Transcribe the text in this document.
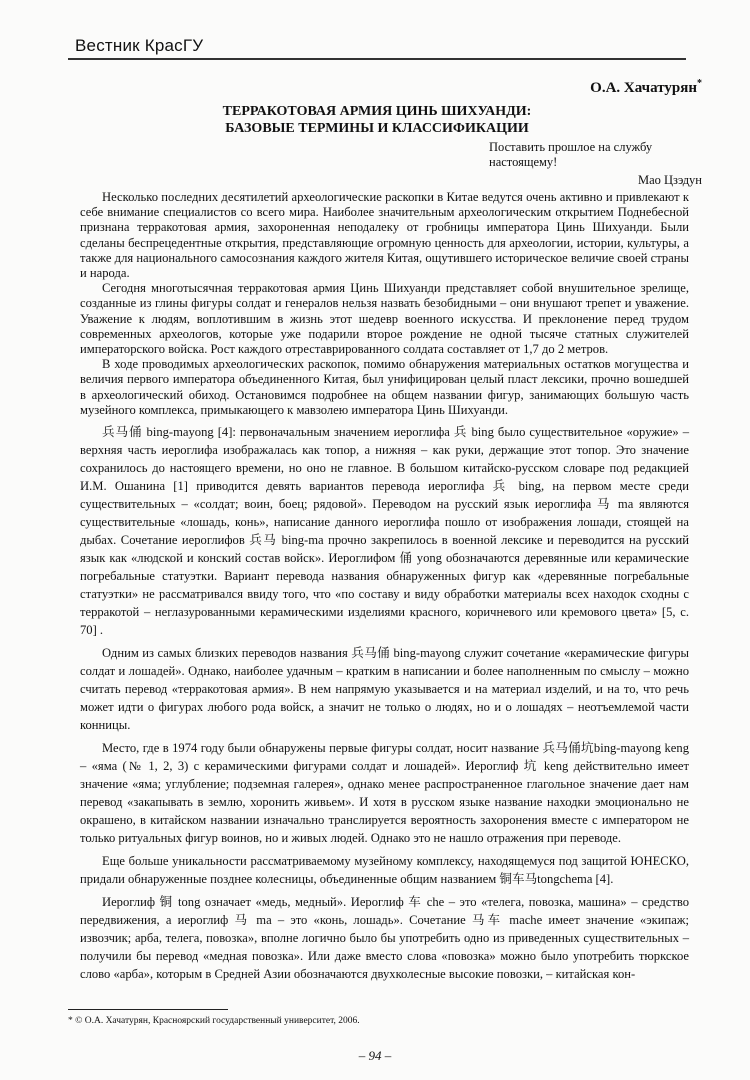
Вестник КрасГУ
О.А. Хачатурян*
ТЕРРАКОТОВАЯ АРМИЯ ЦИНЬ ШИХУАНДИ:
БАЗОВЫЕ ТЕРМИНЫ И КЛАССИФИКАЦИИ
Поставить прошлое на службу настоящему!
Мао Цзэдун

Несколько последних десятилетий археологические раскопки в Китае ведутся очень активно и привлекают к себе внимание специалистов со всего мира. Наиболее значительным археологическим открытием Поднебесной признана терракотовая армия, захороненная неподалеку от гробницы императора Цинь Шихуанди. Были сделаны беспрецедентные открытия, представляющие огромную ценность для археологии, истории, культуры, а также для национального самосознания каждого жителя Китая, ощутившего историческое величие своей страны и народа.

Сегодня многотысячная терракотовая армия Цинь Шихуанди представляет собой внушительное зрелище, созданные из глины фигуры солдат и генералов нельзя назвать безобидными – они внушают трепет и уважение. Уважение к людям, воплотившим в жизнь этот шедевр военного искусства. И преклонение перед трудом современных археологов, которые уже подарили второе рождение не одной тысяче статных служителей императорского войска. Рост каждого отреставрированного солдата составляет от 1,7 до 2 метров.

В ходе проводимых археологических раскопок, помимо обнаружения материальных остатков могущества и величия первого императора объединенного Китая, был унифицирован целый пласт лексики, прочно вошедшей в археологический обиход. Остановимся подробнее на общем названии фигур, занимающих большую часть музейного комплекса, примыкающего к мавзолею императора Цинь Шихуанди.

兵马俑 bing-mayong [4]: первоначальным значением иероглифа 兵 bing было существительное «оружие» – верхняя часть иероглифа изображалась как топор, а нижняя – как руки, держащие этот топор. Это значение сохранилось до настоящего времени, но оно не главное. В большом китайско-русском словаре под редакцией И.М. Ошанина [1] приводится девять вариантов перевода иероглифа 兵 bing, на первом месте среди существительных – «солдат; воин, боец; рядовой». Переводом на русский язык иероглифа 马 ma являются существительные «лошадь, конь», написание данного иероглифа пошло от изображения лошади, стоящей на дыбах. Сочетание иероглифов 兵马 bing-ma прочно закрепилось в военной лексике и переводится на русский язык как «людской и конский состав войск». Иероглифом 俑 yong обозначаются деревянные или керамические погребальные статуэтки. Вариант перевода названия обнаруженных фигур как «деревянные погребальные статуэтки» не рассматривался ввиду того, что «по составу и виду обработки материалы всех находок сходны с терракотой – неглазурованными керамическими изделиями красного, коричневого или кремового цвета» [5, с. 70] .

Одним из самых близких переводов названия 兵马俑 bing-mayong служит сочетание «керамические фигуры солдат и лошадей». Однако, наиболее удачным – кратким в написании и более наполненным по смыслу – можно считать перевод «терракотовая армия». В нем напрямую указывается и на материал изделий, и на то, что речь может идти о фигурах любого рода войск, а значит не только о людях, но и о лошадях – неотъемлемой части конницы.

Место, где в 1974 году были обнаружены первые фигуры солдат, носит название 兵马俑坑bing-mayong keng – «яма (№ 1, 2, 3) с керамическими фигурами солдат и лошадей». Иероглиф 坑 keng действительно имеет значение «яма; углубление; подземная галерея», однако менее распространенное глагольное значение дает нам перевод «закапывать в землю, хоронить живьем». И хотя в русском языке название находки эмоционально не окрашено, в китайском названии изначально транслируется вероятность захоронения вместе с императором не только ритуальных фигур воинов, но и живых людей. Однако это не нашло отражения при переводе.

Еще больше уникальности рассматриваемому музейному комплексу, находящемуся под защитой ЮНЕСКО, придали обнаруженные позднее колесницы, объединенные общим названием 铜车马tongchema [4].

Иероглиф 铜 tong означает «медь, медный». Иероглиф 车 che – это «телега, повозка, машина» – средство передвижения, а иероглиф 马 ma – это «конь, лошадь». Сочетание 马车 mache имеет значение «экипаж; извозчик; арба, телега, повозка», вполне логично было бы употребить одно из приведенных существительных – получили бы перевод «медная повозка». Или даже вместо слова «повозка» можно было употребить тюркское слово «арба», которым в Средней Азии обозначаются двухколесные высокие повозки, – китайская кон-

* © О.А. Хачатурян, Красноярский государственный университет, 2006.
– 94 –
